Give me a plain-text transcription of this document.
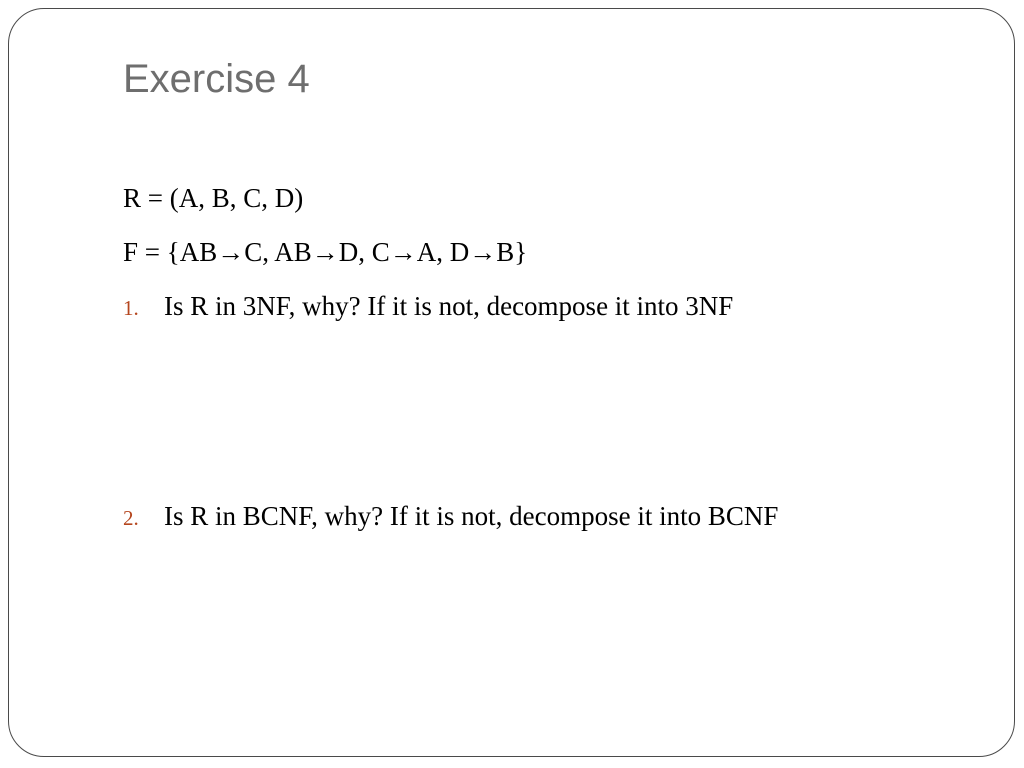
Exercise 4
R = (A, B, C, D)
F = {AB→C, AB→D, C→A, D→B}
1. Is R in 3NF, why? If it is not, decompose it into 3NF
2. Is R in BCNF, why? If it is not, decompose it into BCNF
